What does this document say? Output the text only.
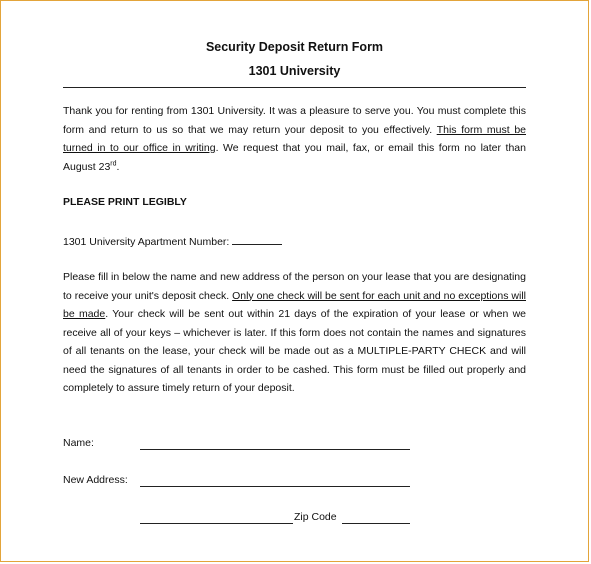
Security Deposit Return Form
1301 University
Thank you for renting from 1301 University. It was a pleasure to serve you. You must complete this form and return to us so that we may return your deposit to you effectively. This form must be turned in to our office in writing. We request that you mail, fax, or email this form no later than August 23rd.
PLEASE PRINT LEGIBLY
1301 University Apartment Number:
Please fill in below the name and new address of the person on your lease that you are designating to receive your unit's deposit check. Only one check will be sent for each unit and no exceptions will be made. Your check will be sent out within 21 days of the expiration of your lease or when we receive all of your keys – whichever is later. If this form does not contain the names and signatures of all tenants on the lease, your check will be made out as a MULTIPLE-PARTY CHECK and will need the signatures of all tenants in order to be cashed. This form must be filled out properly and completely to assure timely return of your deposit.
Name:
New Address:
Zip Code
